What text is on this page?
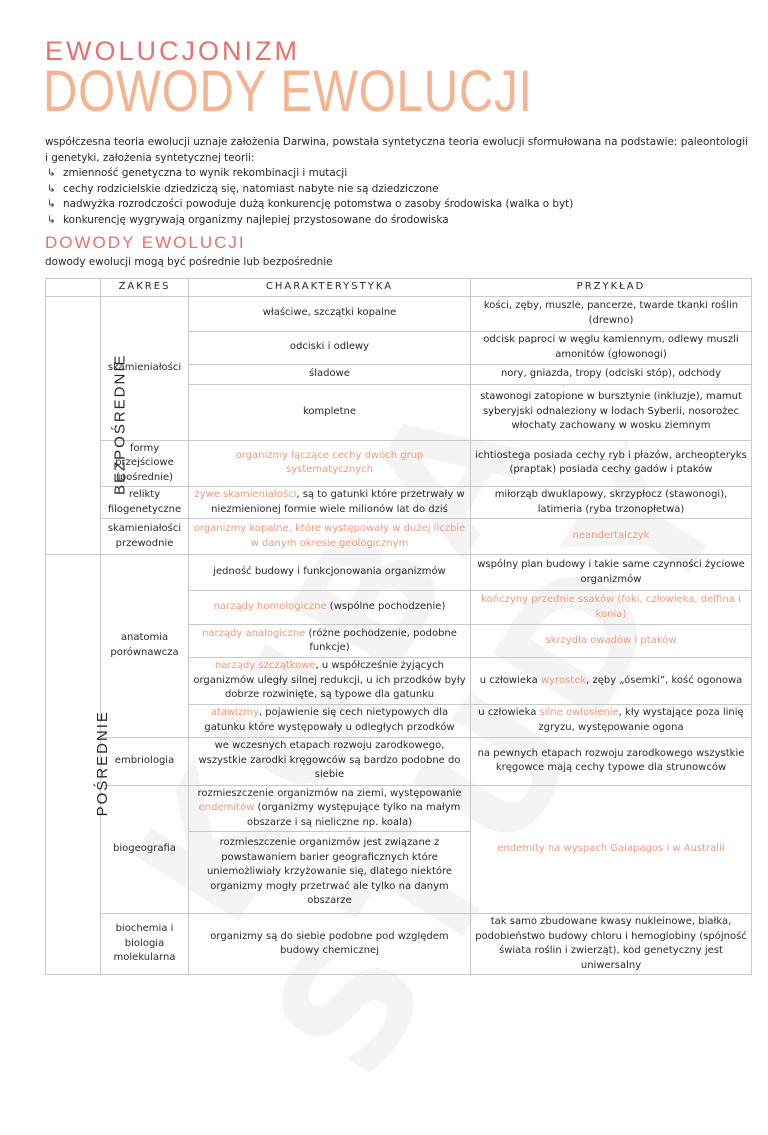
EWOLUCJONIZM
DOWODY EWOLUCJI
współczesna teoria ewolucji uznaje założenia Darwina, powstała syntetyczna teoria ewolucji sformułowana na podstawie: paleontologii i genetyki, założenia syntetycznej teorii:
↳ zmienność genetyczna to wynik rekombinacji i mutacji
↳ cechy rodzicielskie dziedziczą się, natomiast nabyte nie są dziedziczone
↳ nadwyżka rozrodczości powoduje dużą konkurencję potomstwa o zasoby środowiska (walka o byt)
↳ konkurencję wygrywają organizmy najlepiej przystosowane do środowiska
DOWODY EWOLUCJI
dowody ewolucji mogą być pośrednie lub bezpośrednie
	ZAKRES	CHARAKTERYSTYKA	PRZYKŁAD
BEZPOŚREDNIE	skamieniałości	właściwe, szczątki kopalne	kości, zęby, muszle, pancerze, twarde tkanki roślin (drewno)
		odciski i odlewy	odcisk paproci w węglu kamiennym, odlewy muszli amonitów (głowonogi)
		śladowe	nory, gniazda, tropy (odciski stóp), odchody
		kompletne	stawonogi zatopione w bursztynie (inkluzje), mamut syberyjski odnaleziony w lodach Syberii, nosorożec włochaty zachowany w wosku ziemnym
	formy przejściowe (pośrednie)	organizmy łączące cechy dwóch grup systematycznych	ichtiostega posiada cechy ryb i płazów, archeopteryks (praptak) posiada cechy gadów i ptaków
	relikty filogenetyczne	żywe skamieniałości, są to gatunki które przetrwały w niezmienionej formie wiele milionów lat do dziś	miłorząb dwuklapowy, skrzypłocz (stawonogi), latimeria (ryba trzonopłetwa)
	skamieniałości przewodnie	organizmy kopalne, które występowały w dużej liczbie w danym okresie geologicznym	neandertalczyk
POŚREDNIE	anatomia porównawcza	jedność budowy i funkcjonowania organizmów	wspólny plan budowy i takie same czynności życiowe organizmów
		narządy homologiczne (wspólne pochodzenie)	kończyny przednie ssaków (foki, człowieka, delfina i konia)
		narządy analogiczne (różne pochodzenie, podobne funkcje)	skrzydła owadów i ptaków
		narządy szczątkowe, u współcześnie żyjących organizmów uległy silnej redukcji, u ich przodków były dobrze rozwinięte, są typowe dla gatunku	u człowieka wyrostek, zęby „ósemki”, kość ogonowa
		atawizmy, pojawienie się cech nietypowych dla gatunku które występowały u odległych przodków	u człowieka silne owłosienie, kły wystające poza linię zgryzu, występowanie ogona
	embriologia	we wczesnych etapach rozwoju zarodkowego, wszystkie zarodki kręgowców są bardzo podobne do siebie	na pewnych etapach rozwoju zarodkowego wszystkie kręgowce mają cechy typowe dla strunowców
	biogeografia	rozmieszczenie organizmów na ziemi, występowanie endemitów (organizmy występujące tylko na małym obszarze i są nieliczne np. koala)	endemity na wyspach Galapagos i w Australii
		rozmieszczenie organizmów jest związane z powstawaniem barier geograficznych które uniemożliwiały krzyżowanie się, dlatego niektóre organizmy mogły przetrwać ale tylko na danym obszarze	
	biochemia i biologia molekularna	organizmy są do siebie podobne pod względem budowy chemicznej	tak samo zbudowane kwasy nukleinowe, białka, podobieństwo budowy chloru i hemoglobiny (spójność świata roślin i zwierząt), kod genetyczny jest uniwersalny
